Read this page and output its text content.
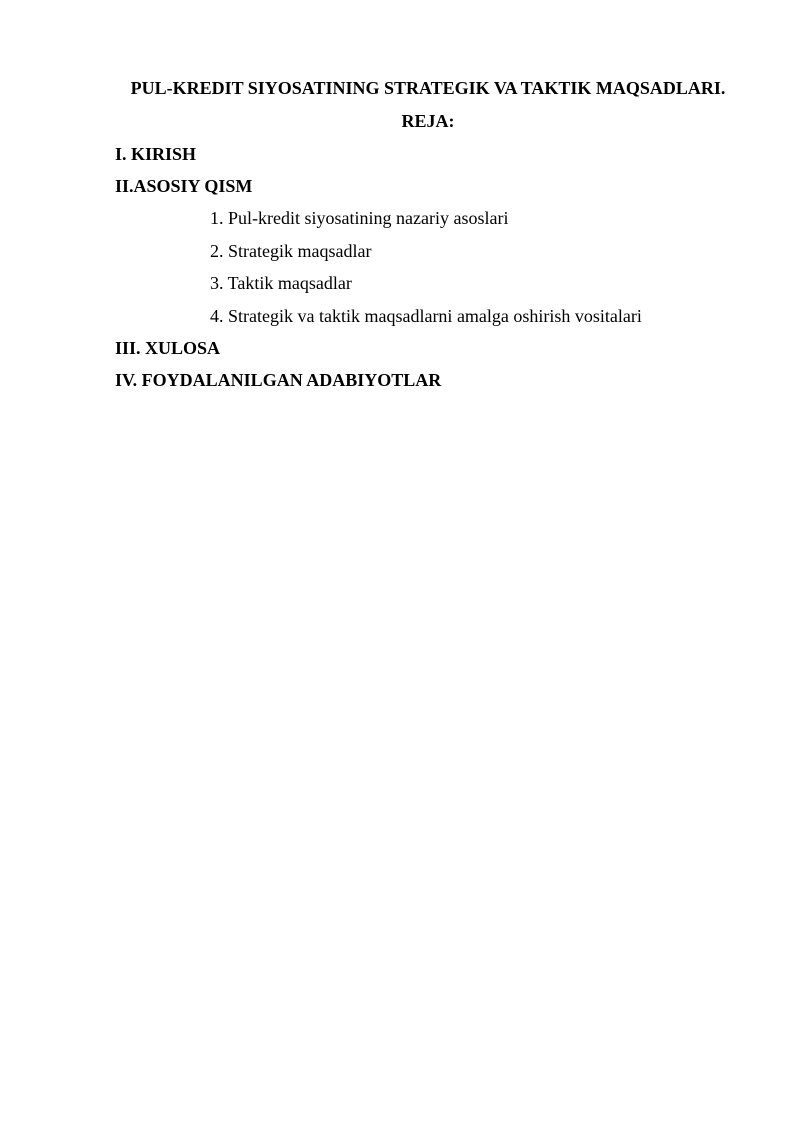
PUL-KREDIT SIYOSATINING STRATEGIK VA TAKTIK MAQSADLARI.
REJA:
I. KIRISH
II.ASOSIY QISM
1. Pul-kredit siyosatining nazariy asoslari
2. Strategik maqsadlar
3. Taktik maqsadlar
4. Strategik va taktik maqsadlarni amalga oshirish vositalari
III. XULOSA
IV. FOYDALANILGAN ADABIYOTLAR
